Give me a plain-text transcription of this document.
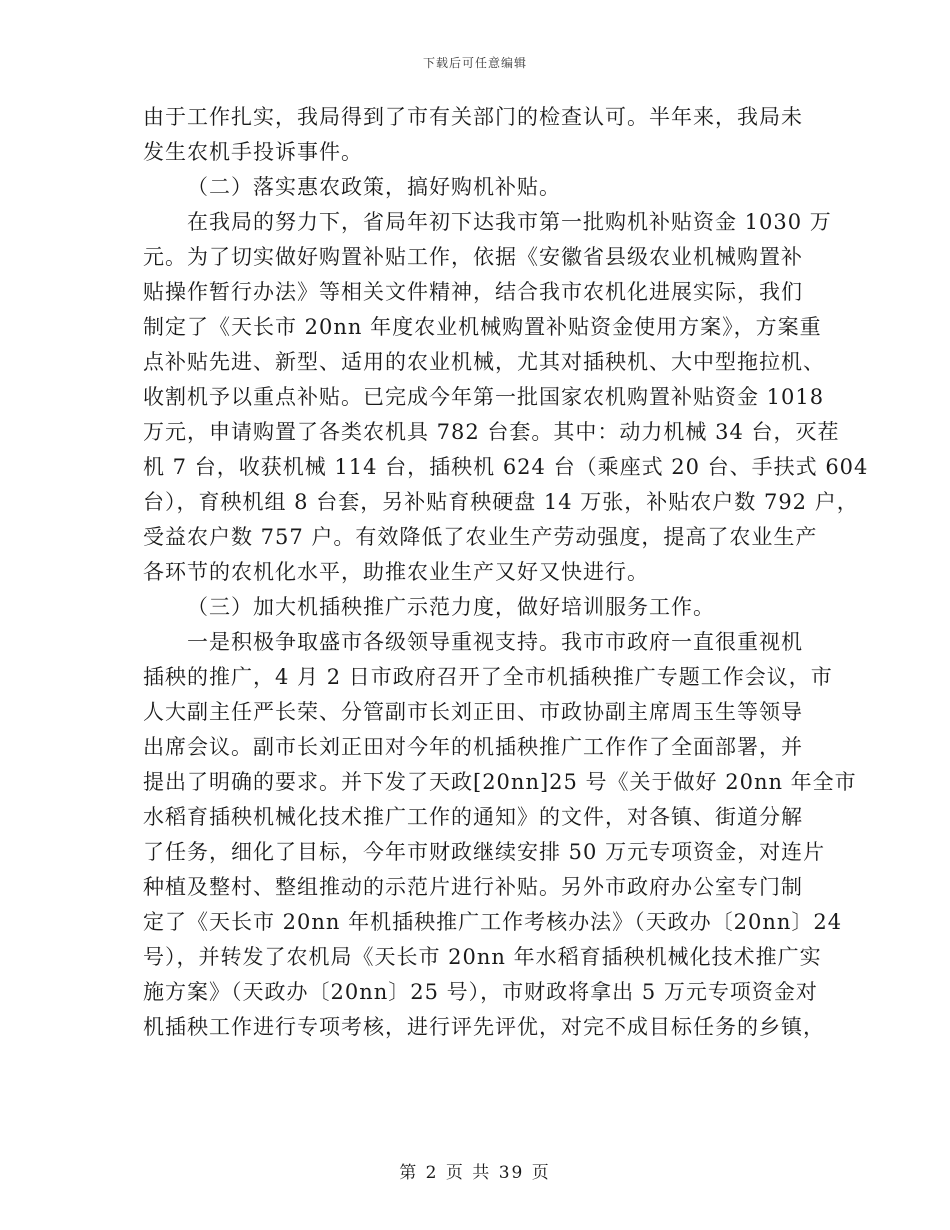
下载后可任意编辑
由于工作扎实，我局得到了市有关部门的检查认可。半年来，我局未
发生农机手投诉事件。
（二）落实惠农政策，搞好购机补贴。
在我局的努力下，省局年初下达我市第一批购机补贴资金 1030 万
元。为了切实做好购置补贴工作，依据《安徽省县级农业机械购置补
贴操作暂行办法》等相关文件精神，结合我市农机化进展实际，我们
制定了《天长市 20nn 年度农业机械购置补贴资金使用方案》，方案重
点补贴先进、新型、适用的农业机械，尤其对插秧机、大中型拖拉机、
收割机予以重点补贴。已完成今年第一批国家农机购置补贴资金 1018
万元，申请购置了各类农机具 782 台套。其中：动力机械 34 台，灭茬
机 7 台，收获机械 114 台，插秧机 624 台（乘座式 20 台、手扶式 604
台），育秧机组 8 台套，另补贴育秧硬盘 14 万张，补贴农户数 792 户，
受益农户数 757 户。有效降低了农业生产劳动强度，提高了农业生产
各环节的农机化水平，助推农业生产又好又快进行。
（三）加大机插秧推广示范力度，做好培训服务工作。
一是积极争取盛市各级领导重视支持。我市市政府一直很重视机
插秧的推广，4 月 2 日市政府召开了全市机插秧推广专题工作会议，市
人大副主任严长荣、分管副市长刘正田、市政协副主席周玉生等领导
出席会议。副市长刘正田对今年的机插秧推广工作作了全面部署，并
提出了明确的要求。并下发了天政[20nn]25 号《关于做好 20nn 年全市
水稻育插秧机械化技术推广工作的通知》的文件，对各镇、街道分解
了任务，细化了目标，今年市财政继续安排 50 万元专项资金，对连片
种植及整村、整组推动的示范片进行补贴。另外市政府办公室专门制
定了《天长市 20nn 年机插秧推广工作考核办法》（天政办〔20nn〕24
号），并转发了农机局《天长市 20nn 年水稻育插秧机械化技术推广实
施方案》（天政办〔20nn〕25 号），市财政将拿出 5 万元专项资金对
机插秧工作进行专项考核，进行评先评优，对完不成目标任务的乡镇，
第 2 页 共 39 页
